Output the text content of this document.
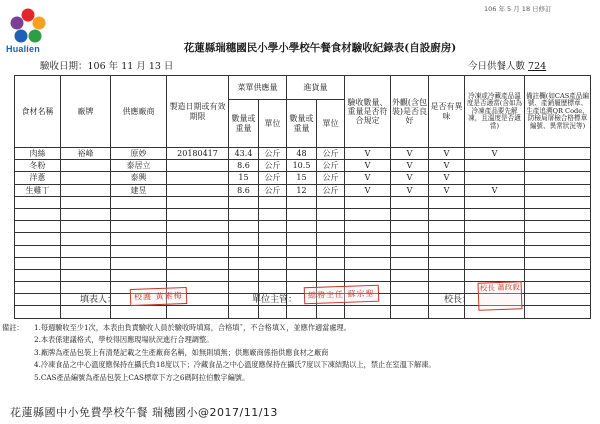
Hualien
106 年 5 月 18 日修訂
花蓮縣瑞穗國民小學小學校午餐食材驗收紀錄表(自設廚房)
驗收日期：106 年 11 月 13 日	今日供餐人數 724
食材名稱	廠牌	供應廠商	製造日期或有效期限	菜單供應量		進貨量		驗收數量、重量是否符合規定	外觀(含包裝)是否良好	是否有異味	冷凍或冷藏產品溫度是否適當(含如為冷凍產品要先解凍，且溫度是否適當)	備註欄(如CAS產品編號、產銷履歷標章、生產追溯QR Code、防檢局屠檢合格標章編號、異常狀況等)
				數量或重量	單位	數量或重量	單位					
肉絲	裕峰	原妙	20180417	43.4	公斤	48	公斤	V	V	V	V	
冬粉		泰居立		8.6	公斤	10.5	公斤	V	V	V		
洋蔥		泰興		15	公斤	15	公斤	V	V	V		
生雞丁		建昱		8.6	公斤	12	公斤	V	V	V	V	

填表人：	校護 黃素梅	單位主管：	總務主任 蘇宗聖	校長：
校長 蕭政毅
備註： 1.每週驗收至少1次，本表由負責驗收人員於驗收時填寫，合格填ˇ，不合格填Ｘ，並應作適當處理。
2.本表係建議格式，學校得因應現場狀況進行合理調整。
3.廠牌為產品包裝上有清楚記載之生產廠商名稱，如無則填無；供應廠商係指供應食材之廠商
4.冷凍食品之中心溫度應保持在攝氏負18度以下；冷藏食品之中心溫度應保持在攝氏7度以下凍結點以上，禁止在室溫下解凍。
5.CAS產品編號為產品包裝上CAS標章下方之6碼阿拉伯數字編號。
花蓮縣國中小免費學校午餐 瑞穗國小@2017/11/13
